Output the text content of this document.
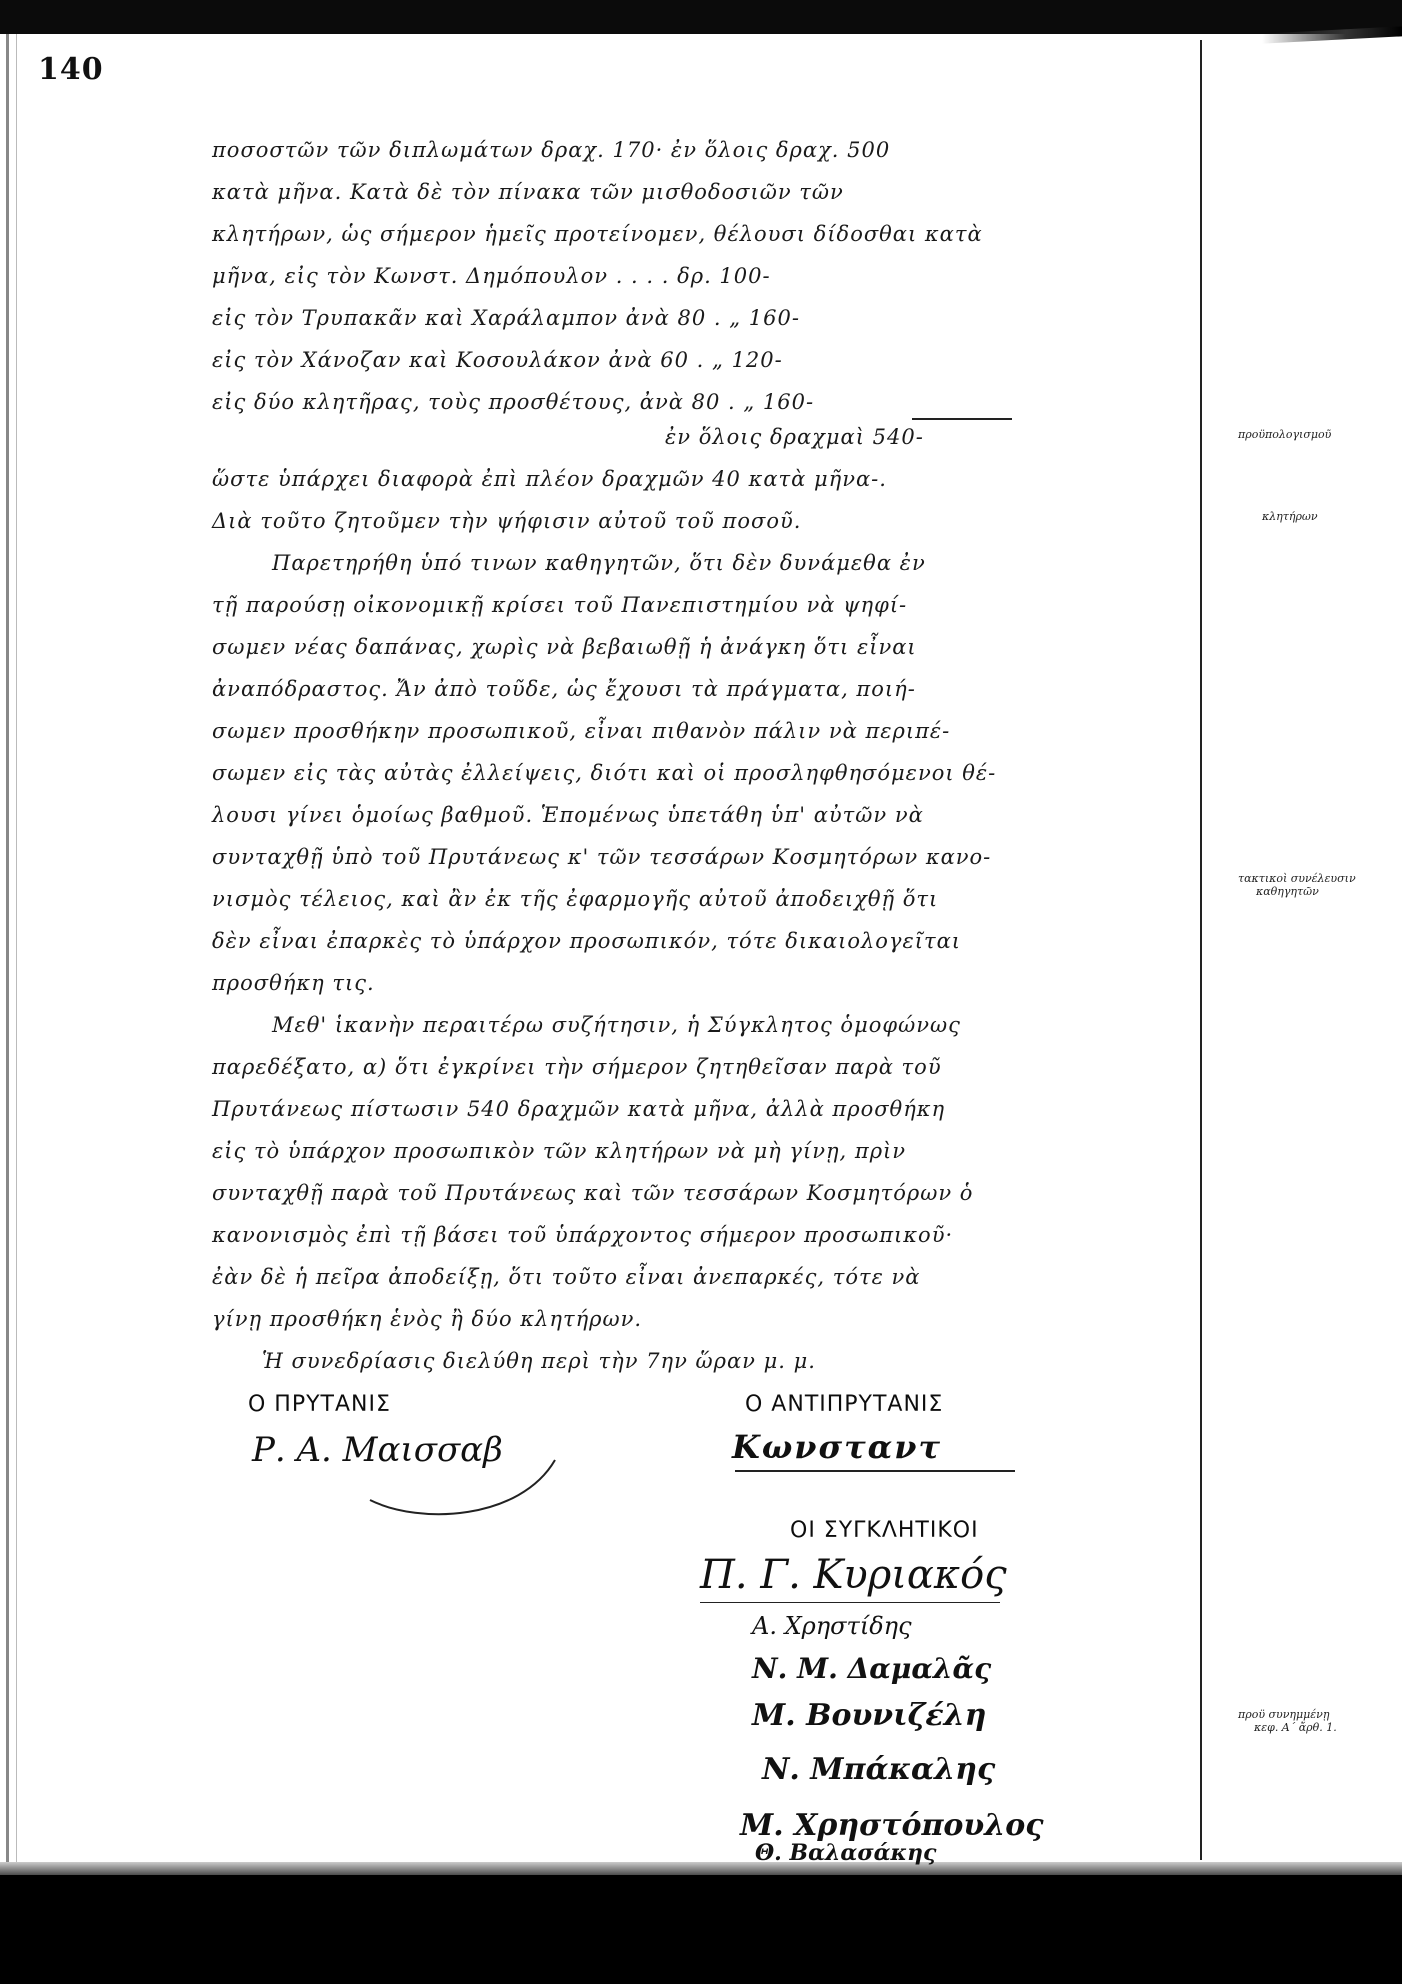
140
ποσοστῶν τῶν διπλωμάτων δραχ. 170· ἐν ὅλοις δραχ. 500
κατὰ μῆνα. Κατὰ δὲ τὸν πίνακα τῶν μισθοδοσιῶν τῶν
κλητήρων, ὡς σήμερον ἡμεῖς προτείνομεν, θέλουσι δίδοσθαι κατὰ
μῆνα, εἰς τὸν Κωνστ. Δημόπουλον . . . . δρ. 100-
εἰς τὸν Τρυπακᾶν καὶ Χαράλαμπον ἀνὰ 80 . „ 160-
εἰς τὸν Χάνοζαν καὶ Κοσουλάκον ἀνὰ 60 . „ 120-
εἰς δύο κλητῆρας, τοὺς προσθέτους, ἀνὰ 80 . „ 160-
ἐν ὅλοις δραχμαὶ 540-
ὥστε ὑπάρχει διαφορὰ ἐπὶ πλέον δραχμῶν 40 κατὰ μῆνα-.
Διὰ τοῦτο ζητοῦμεν τὴν ψήφισιν αὐτοῦ τοῦ ποσοῦ.
Παρετηρήθη ὑπό τινων καθηγητῶν, ὅτι δὲν δυνάμεθα ἐν
τῇ παρούσῃ οἰκονομικῇ κρίσει τοῦ Πανεπιστημίου νὰ ψηφί-
σωμεν νέας δαπάνας, χωρὶς νὰ βεβαιωθῇ ἡ ἀνάγκη ὅτι εἶναι
ἀναπόδραστος. Ἄν ἀπὸ τοῦδε, ὡς ἔχουσι τὰ πράγματα, ποιή-
σωμεν προσθήκην προσωπικοῦ, εἶναι πιθανὸν πάλιν νὰ περιπέ-
σωμεν εἰς τὰς αὐτὰς ἐλλείψεις, διότι καὶ οἱ προσληφθησόμενοι θέ-
λουσι γίνει ὁμοίως βαθμοῦ. Ἑπομένως ὑπετάθη ὑπ' αὐτῶν νὰ
συνταχθῇ ὑπὸ τοῦ Πρυτάνεως κ' τῶν τεσσάρων Κοσμητόρων κανο-
νισμὸς τέλειος, καὶ ἂν ἐκ τῆς ἐφαρμογῆς αὐτοῦ ἀποδειχθῇ ὅτι
δὲν εἶναι ἐπαρκὲς τὸ ὑπάρχον προσωπικόν, τότε δικαιολογεῖται
προσθήκη τις.
Μεθ' ἱκανὴν περαιτέρω συζήτησιν, ἡ Σύγκλητος ὁμοφώνως
παρεδέξατο, α) ὅτι ἐγκρίνει τὴν σήμερον ζητηθεῖσαν παρὰ τοῦ
Πρυτάνεως πίστωσιν 540 δραχμῶν κατὰ μῆνα, ἀλλὰ προσθήκη
εἰς τὸ ὑπάρχον προσωπικὸν τῶν κλητήρων νὰ μὴ γίνῃ, πρὶν
συνταχθῇ παρὰ τοῦ Πρυτάνεως καὶ τῶν τεσσάρων Κοσμητόρων ὁ
κανονισμὸς ἐπὶ τῇ βάσει τοῦ ὑπάρχοντος σήμερον προσωπικοῦ·
ἐὰν δὲ ἡ πεῖρα ἀποδείξῃ, ὅτι τοῦτο εἶναι ἀνεπαρκές, τότε νὰ
γίνῃ προσθήκη ἑνὸς ἢ δύο κλητήρων.
Ἡ συνεδρίασις διελύθη περὶ τὴν 7ην ὥραν μ. μ.
Ο ΠΡΥΤΑΝΙΣ
Ρ. Α. Μαισσαβ
Ο ΑΝΤΙΠΡΥΤΑΝΙΣ
Κωνσταντ
ΟΙ ΣΥΓΚΛΗΤΙΚΟΙ
Π. Γ. Κυριακός
Α. Χρηστίδης
Ν. Μ. Δαμαλᾶς
Μ. Βουνιζέλη
Ν. Μπάκαλης
Μ. Χρηστόπουλος
Θ. Βαλασάκης
προϋπολογισμοῦ
κλητήρων
τακτικοὶ συνέλευσιν
καθηγητῶν
προϋ συνημμένῃ
κεφ. Α΄ ἄρθ. 1.
